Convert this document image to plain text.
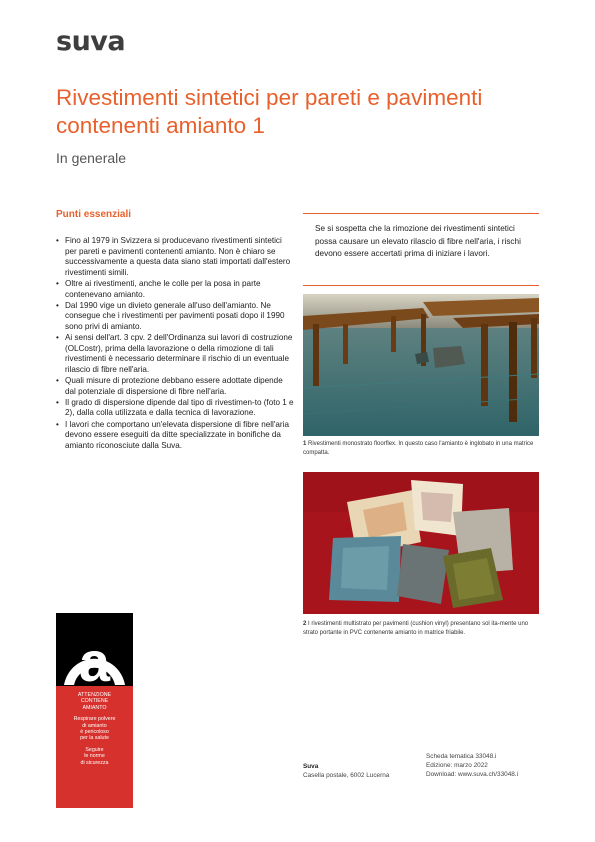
suva
Rivestimenti sintetici per pareti e pavimenti contenenti amianto 1
In generale
Punti essenziali
• Fino al 1979 in Svizzera si producevano rivestimenti sintetici per pareti e pavimenti contenenti amianto. Non è chiaro se successivamente a questa data siano stati importati dall'estero rivestimenti simili.
• Oltre ai rivestimenti, anche le colle per la posa in parte contenevano amianto.
• Dal 1990 vige un divieto generale all'uso dell'amianto. Ne consegue che i rivestimenti per pavimenti posati dopo il 1990 sono privi di amianto.
• Ai sensi dell'art. 3 cpv. 2 dell'Ordinanza sui lavori di costruzione (OLCostr), prima della lavorazione o della rimozione di tali rivestimenti è necessario determinare il rischio di un eventuale rilascio di fibre nell'aria.
• Quali misure di protezione debbano essere adottate dipende dal potenziale di dispersione di fibre nell'aria.
• Il grado di dispersione dipende dal tipo di rivestimen-to (foto 1 e 2), dalla colla utilizzata e dalla tecnica di lavorazione.
• I lavori che comportano un'elevata dispersione di fibre nell'aria devono essere eseguiti da ditte specializzate in bonifiche da amianto riconosciute dalla Suva.
Se si sospetta che la rimozione dei rivestimenti sintetici possa causare un elevato rilascio di fibre nell'aria, i rischi devono essere accertati prima di iniziare i lavori.
1 Rivestimenti monostrato floorflex. In questo caso l'amianto è inglobato in una matrice compatta.
2 I rivestimenti multistrato per pavimenti (cushion vinyl) presentano sol ita-mente uno strato portante in PVC contenente amianto in matrice friabile.
a

ATTENZIONE
CONTIENE
AMIANTO

Respirare polvere
di amianto
è pericoloso
per la salute

Seguire
le norme
di sicurezza

Suva
Casella postale, 6002 Lucerna
Scheda tematica 33048.i
Edizione: marzo 2022
Download: www.suva.ch/33048.i
